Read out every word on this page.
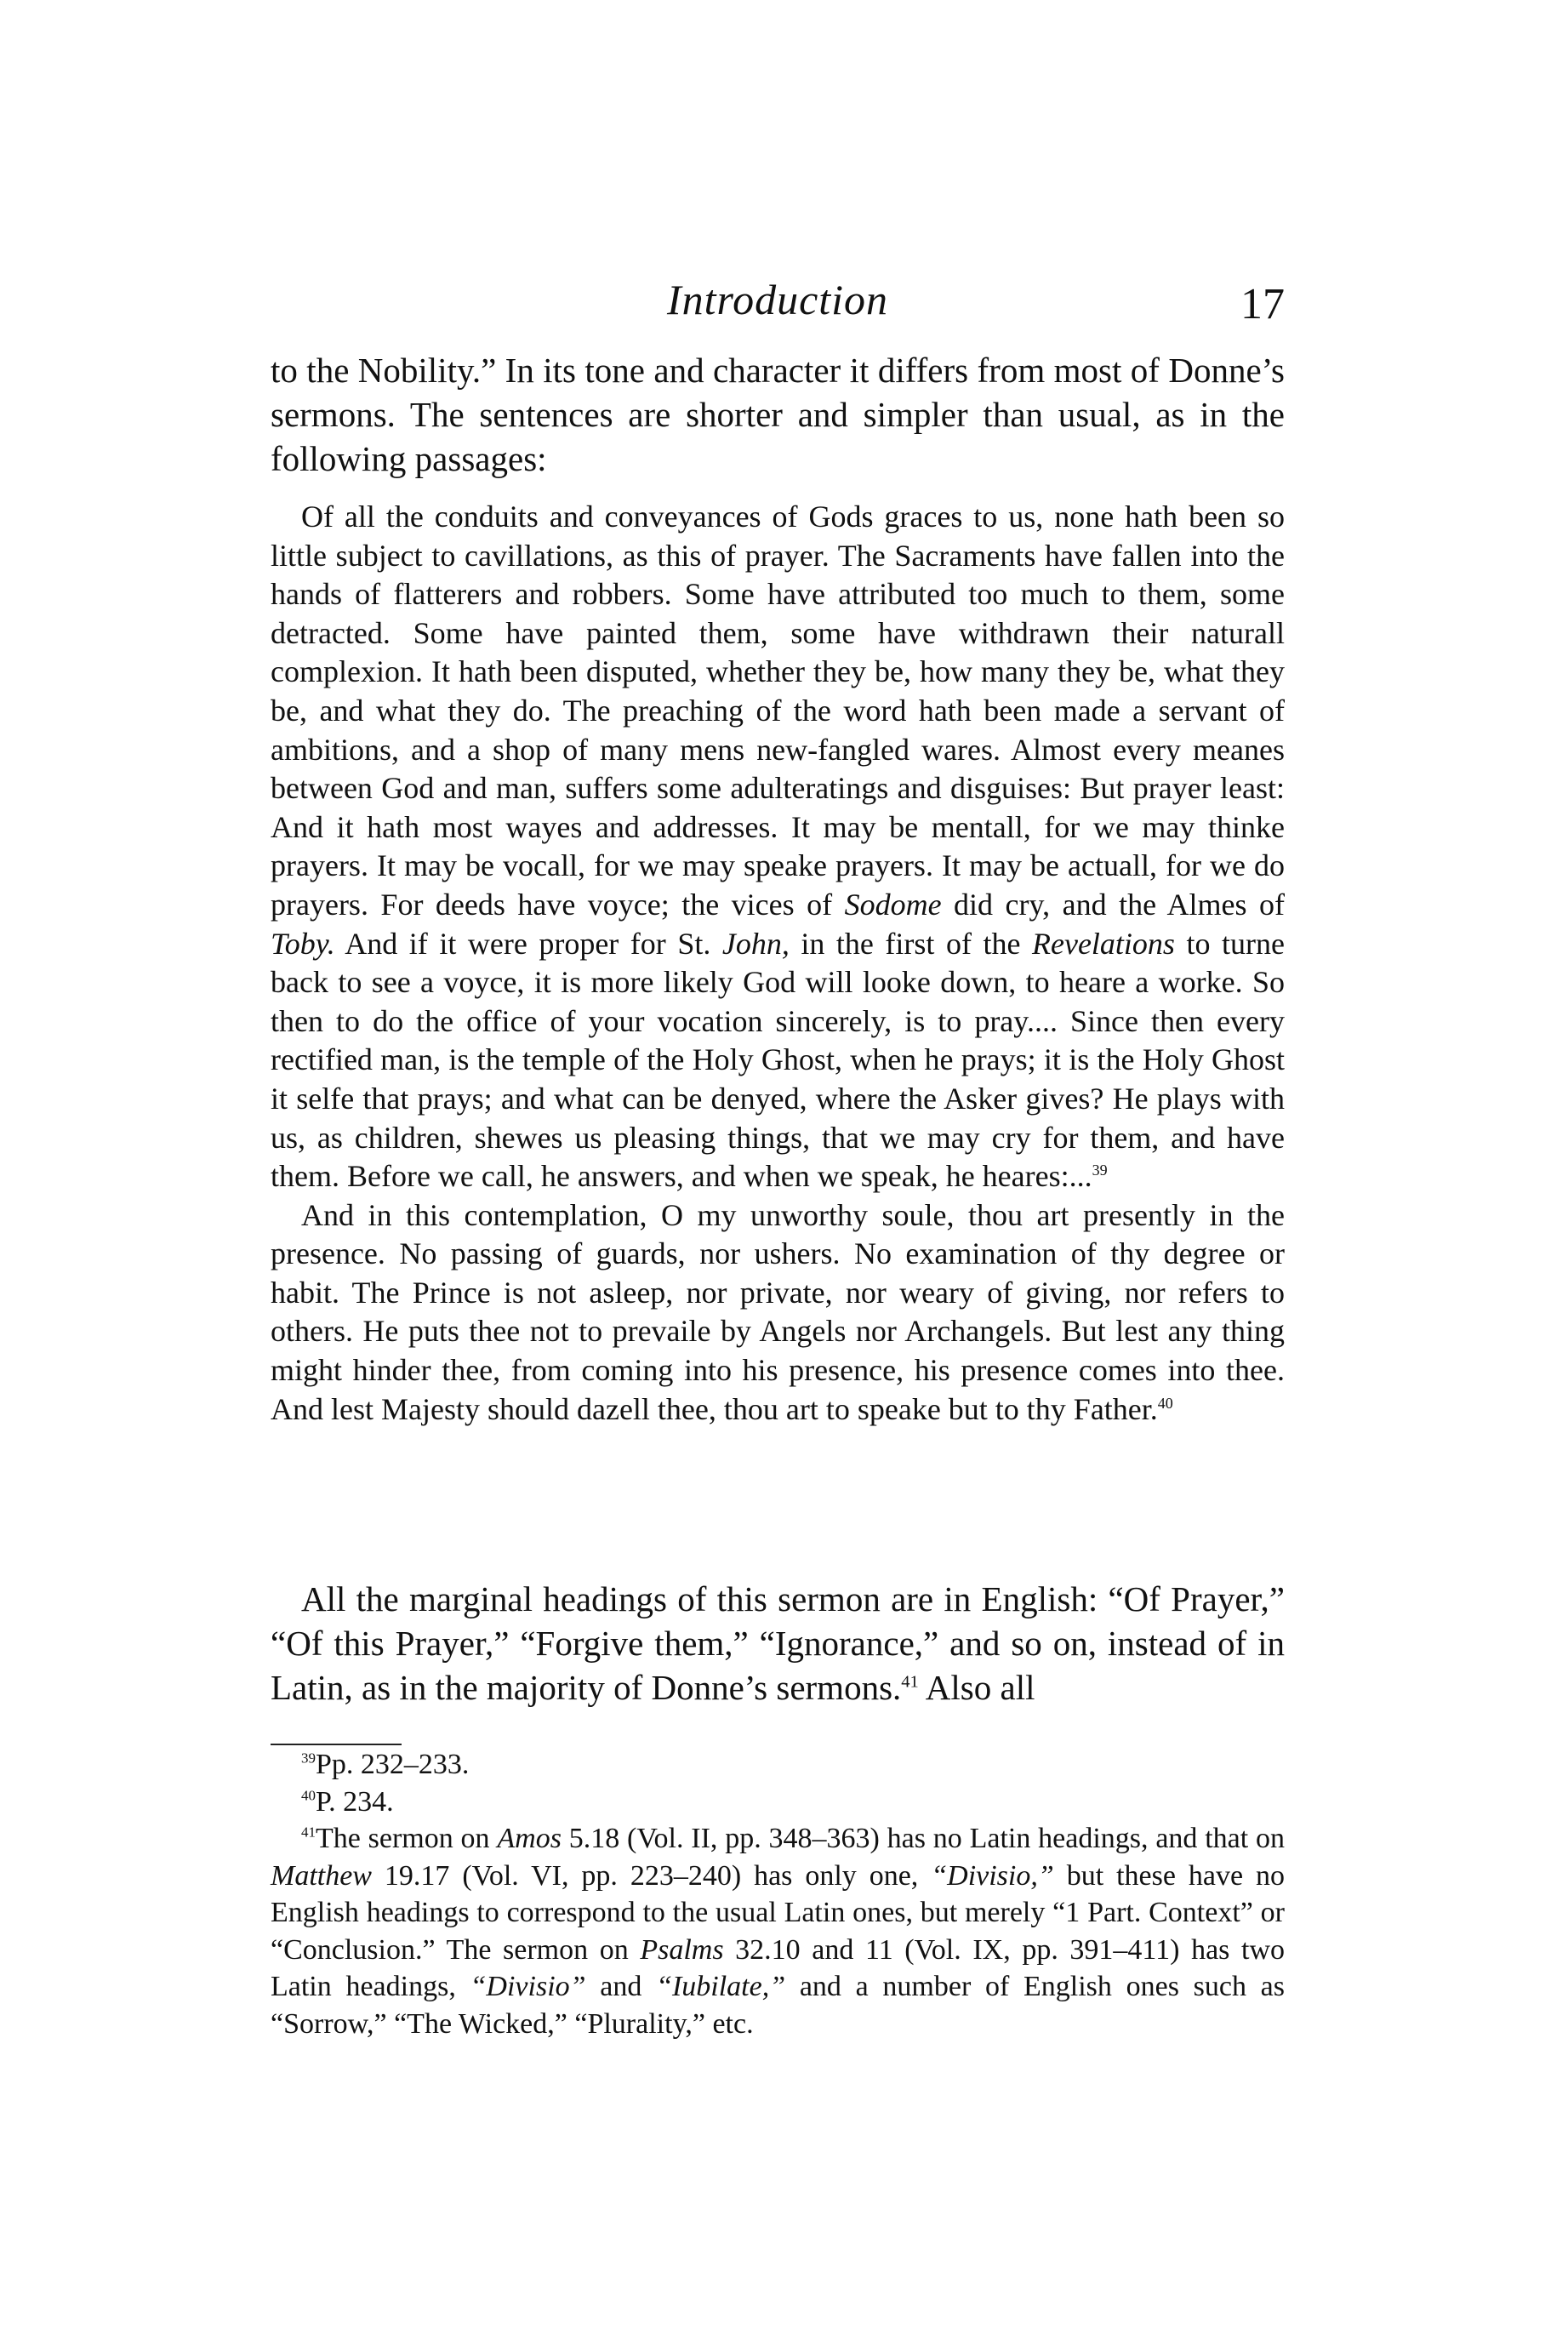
Introduction	17

to the Nobility.” In its tone and character it differs from most of Donne’s sermons. The sentences are shorter and simpler than usual, as in the following passages:

Of all the conduits and conveyances of Gods graces to us, none hath been so little subject to cavillations, as this of prayer. The Sacraments have fallen into the hands of flatterers and robbers. Some have attributed too much to them, some detracted. Some have painted them, some have withdrawn their naturall complexion. It hath been disputed, whether they be, how many they be, what they be, and what they do. The preaching of the word hath been made a servant of ambitions, and a shop of many mens new-fangled wares. Almost every meanes between God and man, suffers some adulteratings and disguises: But prayer least: And it hath most wayes and addresses. It may be mentall, for we may thinke prayers. It may be vocall, for we may speake prayers. It may be actuall, for we do prayers. For deeds have voyce; the vices of Sodome did cry, and the Almes of Toby. And if it were proper for St. John, in the first of the Revelations to turne back to see a voyce, it is more likely God will looke down, to heare a worke. So then to do the office of your vocation sincerely, is to pray.... Since then every rectified man, is the temple of the Holy Ghost, when he prays; it is the Holy Ghost it selfe that prays; and what can be denyed, where the Asker gives? He plays with us, as children, shewes us pleasing things, that we may cry for them, and have them. Before we call, he answers, and when we speak, he heares:...$^{39}$

And in this contemplation, O my unworthy soule, thou art presently in the presence. No passing of guards, nor ushers. No examination of thy degree or habit. The Prince is not asleep, nor private, nor weary of giving, nor refers to others. He puts thee not to prevaile by Angels nor Archangels. But lest any thing might hinder thee, from coming into his presence, his presence comes into thee. And lest Majesty should dazell thee, thou art to speake but to thy Father.$^{40}$

All the marginal headings of this sermon are in English: “Of Prayer,” “Of this Prayer,” “Forgive them,” “Ignorance,” and so on, instead of in Latin, as in the majority of Donne’s sermons.$^{41}$ Also all

$^{39}$Pp. 232–233.

$^{40}$P. 234.

$^{41}$The sermon on Amos 5.18 (Vol. II, pp. 348–363) has no Latin headings, and that on Matthew 19.17 (Vol. VI, pp. 223–240) has only one, “Divisio,” but these have no English headings to correspond to the usual Latin ones, but merely “1 Part. Context” or “Conclusion.” The sermon on Psalms 32.10 and 11 (Vol. IX, pp. 391–411) has two Latin headings, “Divisio” and “Iubilate,” and a number of English ones such as “Sorrow,” “The Wicked,” “Plurality,” etc.
